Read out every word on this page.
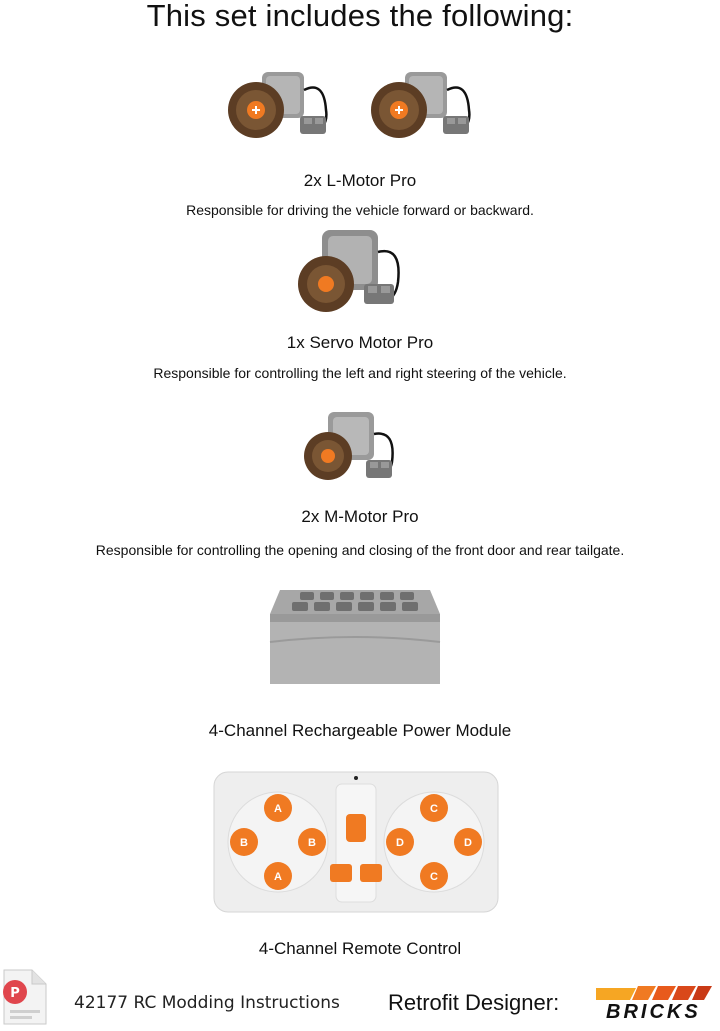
This set includes the following:
2x L-Motor Pro
Responsible for driving the vehicle forward or backward.
1x Servo Motor Pro
Responsible for controlling the left and right steering of the vehicle.
2x M-Motor Pro
Responsible for controlling the opening and closing of the front door and rear tailgate.
4-Channel Rechargeable Power Module
A
A
B	B
C
C
D	D
4-Channel Remote Control
P	42177 RC Modding Instructions Retrofit Designer: BRICKS
